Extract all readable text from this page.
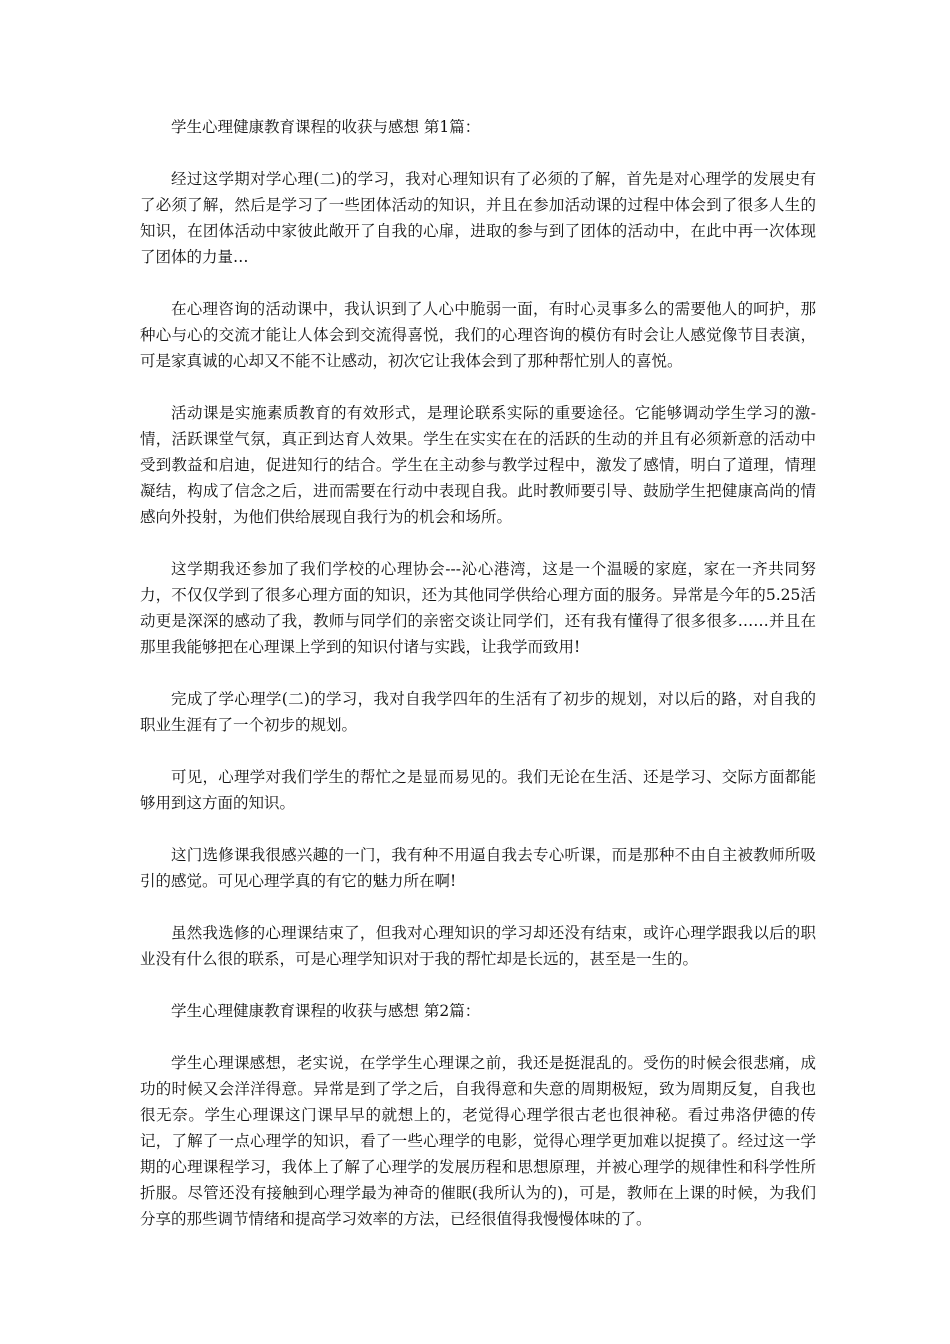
学生心理健康教育课程的收获与感想 第1篇：

经过这学期对学心理(二)的学习，我对心理知识有了必须的了解，首先是对心理学的发展史有了必须了解，然后是学习了一些团体活动的知识，并且在参加活动课的过程中体会到了很多人生的知识，在团体活动中家彼此敞开了自我的心扉，进取的参与到了团体的活动中，在此中再一次体现了团体的力量…

在心理咨询的活动课中，我认识到了人心中脆弱一面，有时心灵事多么的需要他人的呵护，那种心与心的交流才能让人体会到交流得喜悦，我们的心理咨询的模仿有时会让人感觉像节目表演，可是家真诚的心却又不能不让感动，初次它让我体会到了那种帮忙别人的喜悦。

活动课是实施素质教育的有效形式，是理论联系实际的重要途径。它能够调动学生学习的激-情，活跃课堂气氛，真正到达育人效果。学生在实实在在的活跃的生动的并且有必须新意的活动中受到教益和启迪，促进知行的结合。学生在主动参与教学过程中，激发了感情，明白了道理，情理凝结，构成了信念之后，进而需要在行动中表现自我。此时教师要引导、鼓励学生把健康高尚的情感向外投射，为他们供给展现自我行为的机会和场所。

这学期我还参加了我们学校的心理协会---沁心港湾，这是一个温暖的家庭，家在一齐共同努力，不仅仅学到了很多心理方面的知识，还为其他同学供给心理方面的服务。异常是今年的5.25活动更是深深的感动了我，教师与同学们的亲密交谈让同学们，还有我有懂得了很多很多……并且在那里我能够把在心理课上学到的知识付诸与实践，让我学而致用!

完成了学心理学(二)的学习，我对自我学四年的生活有了初步的规划，对以后的路，对自我的职业生涯有了一个初步的规划。

可见，心理学对我们学生的帮忙之是显而易见的。我们无论在生活、还是学习、交际方面都能够用到这方面的知识。

这门选修课我很感兴趣的一门，我有种不用逼自我去专心听课，而是那种不由自主被教师所吸引的感觉。可见心理学真的有它的魅力所在啊!

虽然我选修的心理课结束了，但我对心理知识的学习却还没有结束，或许心理学跟我以后的职业没有什么很的联系，可是心理学知识对于我的帮忙却是长远的，甚至是一生的。

学生心理健康教育课程的收获与感想 第2篇：

学生心理课感想，老实说，在学学生心理课之前，我还是挺混乱的。受伤的时候会很悲痛，成功的时候又会洋洋得意。异常是到了学之后，自我得意和失意的周期极短，致为周期反复，自我也很无奈。学生心理课这门课早早的就想上的，老觉得心理学很古老也很神秘。看过弗洛伊德的传记，了解了一点心理学的知识，看了一些心理学的电影，觉得心理学更加难以捉摸了。经过这一学期的心理课程学习，我体上了解了心理学的发展历程和思想原理，并被心理学的规律性和科学性所折服。尽管还没有接触到心理学最为神奇的催眠(我所认为的)，可是，教师在上课的时候，为我们分享的那些调节情绪和提高学习效率的方法，已经很值得我慢慢体味的了。
